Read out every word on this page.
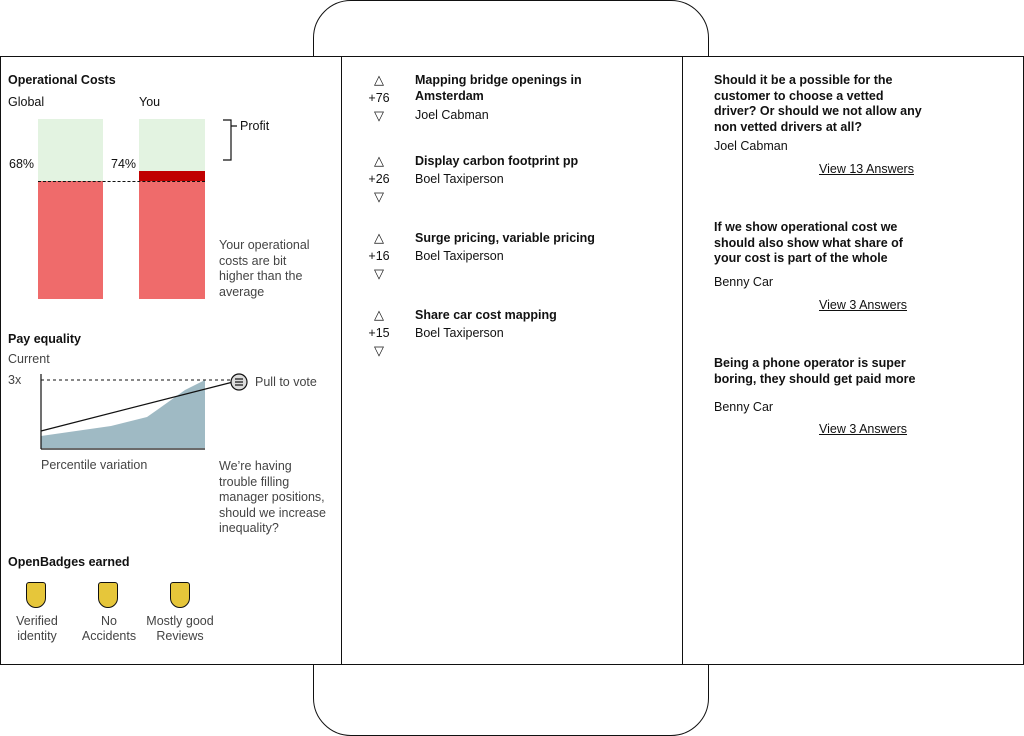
Operational Costs
Global	You
68%	74%
Profit
Your operational
costs are bit
higher than the
average
Pay equality
Current
3x	Pull to vote
Percentile variation	We’re having
trouble filling
manager positions,
should we increase
inequality?
OpenBadges earned
Verified
identity
No
Accidents
Mostly good
Reviews
△
+76
▽
Mapping bridge openings in
Amsterdam
Joel Cabman
△
+26
▽
Display carbon footprint pp
Boel Taxiperson
△
+16
▽
Surge pricing, variable pricing
Boel Taxiperson
△
+15
▽
Share car cost mapping
Boel Taxiperson
Should it be a possible for the
customer to choose a vetted
driver? Or should we not allow any
non vetted drivers at all?
Joel Cabman
View 13 Answers
If we show operational cost we
should also show what share of
your cost is part of the whole
Benny Car
View 3 Answers
Being a phone operator is super
boring, they should get paid more
Benny Car
View 3 Answers
